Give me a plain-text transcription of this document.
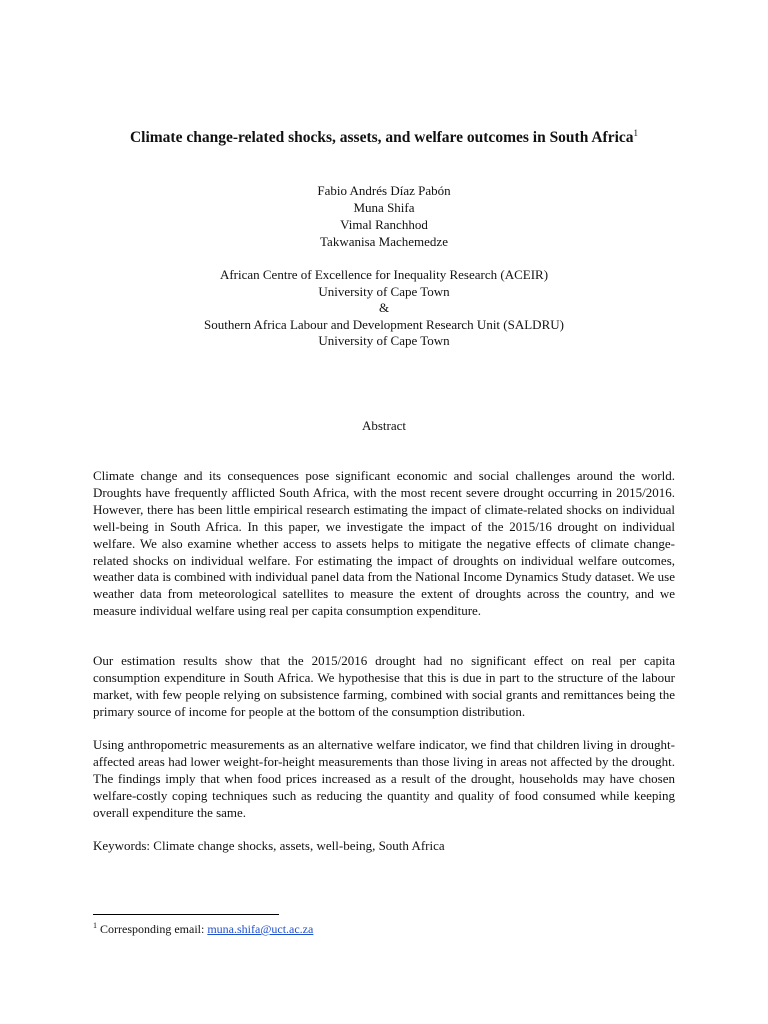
Climate change-related shocks, assets, and welfare outcomes in South Africa$^1$
Fabio Andrés Díaz Pabón
Muna Shifa
Vimal Ranchhod
Takwanisa Machemedze
African Centre of Excellence for Inequality Research (ACEIR)
University of Cape Town
&
Southern Africa Labour and Development Research Unit (SALDRU)
University of Cape Town
Abstract

Climate change and its consequences pose significant economic and social challenges around the world. Droughts have frequently afflicted South Africa, with the most recent severe drought occurring in 2015/2016. However, there has been little empirical research estimating the impact of climate-related shocks on individual well-being in South Africa. In this paper, we investigate the impact of the 2015/16 drought on individual welfare. We also examine whether access to assets helps to mitigate the negative effects of climate change-related shocks on individual welfare. For estimating the impact of droughts on individual welfare outcomes, weather data is combined with individual panel data from the National Income Dynamics Study dataset. We use weather data from meteorological satellites to measure the extent of droughts across the country, and we measure individual welfare using real per capita consumption expenditure.

Our estimation results show that the 2015/2016 drought had no significant effect on real per capita consumption expenditure in South Africa. We hypothesise that this is due in part to the structure of the labour market, with few people relying on subsistence farming, combined with social grants and remittances being the primary source of income for people at the bottom of the consumption distribution.

Using anthropometric measurements as an alternative welfare indicator, we find that children living in drought-affected areas had lower weight-for-height measurements than those living in areas not affected by the drought. The findings imply that when food prices increased as a result of the drought, households may have chosen welfare-costly coping techniques such as reducing the quantity and quality of food consumed while keeping overall expenditure the same.

Keywords: Climate change shocks, assets, well-being, South Africa

$^1$ Corresponding email: muna.shifa@uct.ac.za
